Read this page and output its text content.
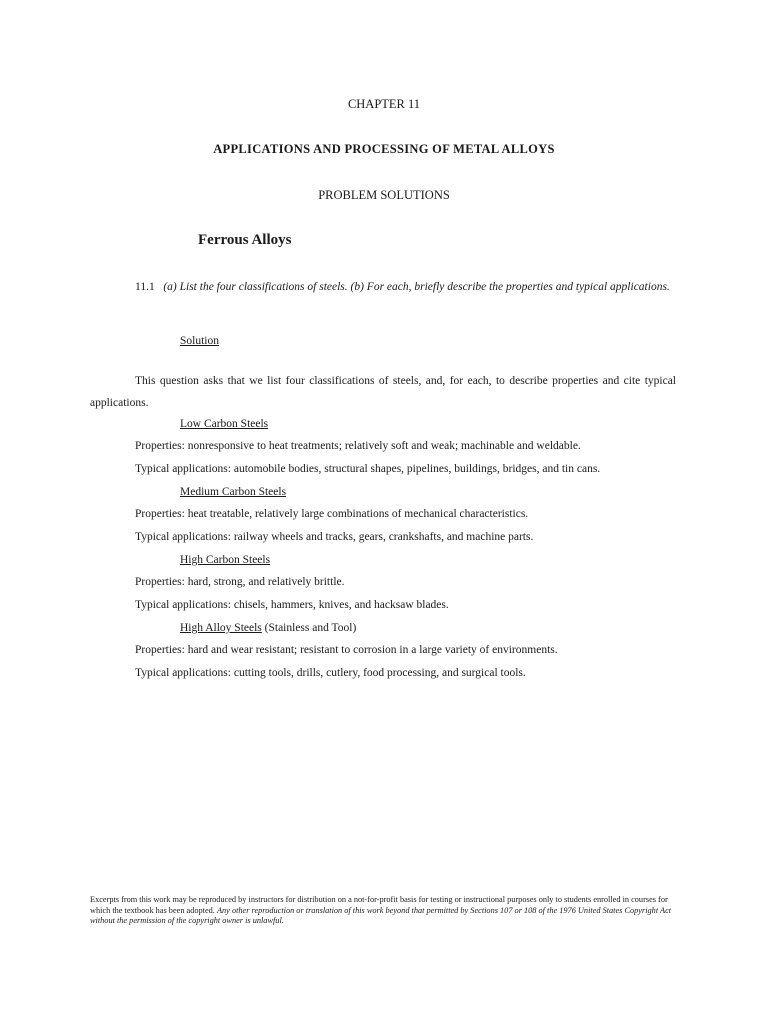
CHAPTER 11
APPLICATIONS AND PROCESSING OF METAL ALLOYS
PROBLEM SOLUTIONS
Ferrous Alloys
11.1 (a) List the four classifications of steels. (b) For each, briefly describe the properties and typical applications.
Solution
This question asks that we list four classifications of steels, and, for each, to describe properties and cite typical applications.
Low Carbon Steels
Properties: nonresponsive to heat treatments; relatively soft and weak; machinable and weldable.
Typical applications: automobile bodies, structural shapes, pipelines, buildings, bridges, and tin cans.
Medium Carbon Steels
Properties: heat treatable, relatively large combinations of mechanical characteristics.
Typical applications: railway wheels and tracks, gears, crankshafts, and machine parts.
High Carbon Steels
Properties: hard, strong, and relatively brittle.
Typical applications: chisels, hammers, knives, and hacksaw blades.
High Alloy Steels (Stainless and Tool)
Properties: hard and wear resistant; resistant to corrosion in a large variety of environments.
Typical applications: cutting tools, drills, cutlery, food processing, and surgical tools.
Excerpts from this work may be reproduced by instructors for distribution on a not-for-profit basis for testing or instructional purposes only to students enrolled in courses for which the textbook has been adopted. Any other reproduction or translation of this work beyond that permitted by Sections 107 or 108 of the 1976 United States Copyright Act without the permission of the copyright owner is unlawful.
